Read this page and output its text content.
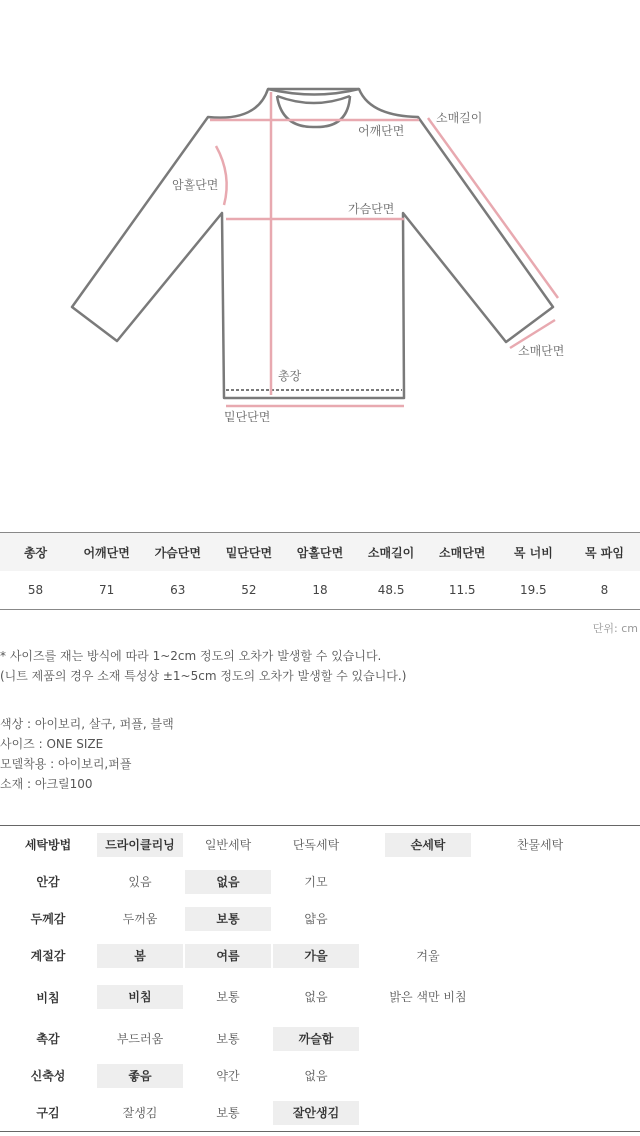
어깨단면
소매길이
암홀단면
가슴단면
소매단면
총장
밑단단면
총장	어깨단면	가슴단면	밑단단면	암홀단면	소매길이	소매단면	목 너비	목 파임
58	71	63	52	18	48.5	11.5	19.5	8
단위: cm
* 사이즈를 재는 방식에 따라 1~2cm 정도의 오차가 발생할 수 있습니다.
(니트 제품의 경우 소재 특성상 ±1~5cm 정도의 오차가 발생할 수 있습니다.)
색상 : 아이보리, 살구, 퍼플, 블랙
사이즈 : ONE SIZE
모델착용 : 아이보리,퍼플
소재 : 아크릴100
세탁방법	드라이클리닝	일반세탁	단독세탁	손세탁	찬물세탁
안감	있음	없음	기모
두께감	두꺼움	보통	얇음
계절감	봄	여름	가을	겨울
비침	비침	보통	없음	밝은 색만 비침
촉감	부드러움	보통	까슬함
신축성	좋음	약간	없음
구김	잘생김	보통	잘안생김
